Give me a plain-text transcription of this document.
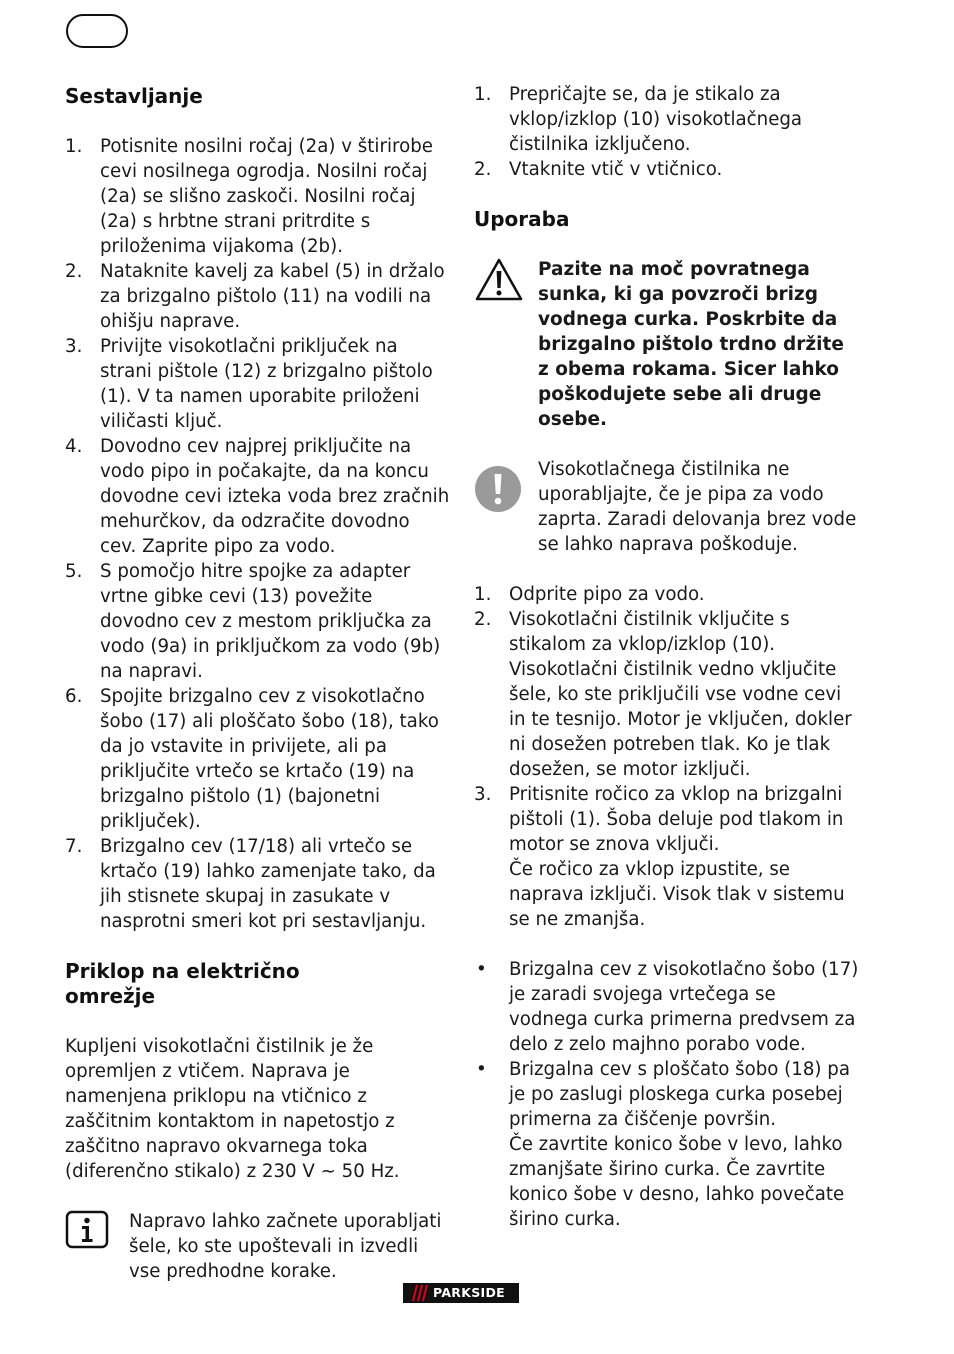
Sestavljanje
1. Potisnite nosilni ročaj (2a) v štirirobe cevi nosilnega ogrodja. Nosilni ročaj (2a) se slišno zaskoči. Nosilni ročaj (2a) s hrbtne strani pritrdite s priloženima vijakoma (2b).
2. Nataknite kavelj za kabel (5) in držalo za brizgalno pištolo (11) na vodili na ohišju naprave.
3. Privijte visokotlačni priključek na strani pištole (12) z brizgalno pištolo (1). V ta namen uporabite priloženi viličasti ključ.
4. Dovodno cev najprej priključite na vodo pipo in počakajte, da na koncu dovodne cevi izteka voda brez zračnih mehurčkov, da odzračite dovodno cev. Zaprite pipo za vodo.
5. S pomočjo hitre spojke za adapter vrtne gibke cevi (13) povežite dovodno cev z mestom priključka za vodo (9a) in priključkom za vodo (9b) na napravi.
6. Spojite brizgalno cev z visokotlačno šobo (17) ali ploščato šobo (18), tako da jo vstavite in privijete, ali pa priključite vrtečo se krtačo (19) na brizgalno pištolo (1) (bajonetni priključek).
7. Brizgalno cev (17/18) ali vrtečo se krtačo (19) lahko zamenjate tako, da jih stisnete skupaj in zasukate v nasprotni smeri kot pri sestavljanju.
Priklop na električno
omrežje

Kupljeni visokotlačni čistilnik je že opremljen z vtičem. Naprava je namenjena priklopu na vtičnico z zaščitnim kontaktom in napetostjo z zaščitno napravo okvarnega toka (diferenčno stikalo) z 230 V ~ 50 Hz.

Napravo lahko začnete uporabljati šele, ko ste upoštevali in izvedli vse predhodne korake.
1. Prepričajte se, da je stikalo za vklop/izklop (10) visokotlačnega čistilnika izključeno.
2. Vtaknite vtič v vtičnico.
Uporaba
Pazite na moč povratnega sunka, ki ga povzroči brizg vodnega curka. Poskrbite da brizgalno pištolo trdno držite z obema rokama. Sicer lahko poškodujete sebe ali druge osebe.
Visokotlačnega čistilnika ne uporabljajte, če je pipa za vodo zaprta. Zaradi delovanja brez vode se lahko naprava poškoduje.
1. Odprite pipo za vodo.
2. Visokotlačni čistilnik vključite s stikalom za vklop/izklop (10). Visokotlačni čistilnik vedno vključite šele, ko ste priključili vse vodne cevi in te tesnijo. Motor je vključen, dokler ni dosežen potreben tlak. Ko je tlak dosežen, se motor izključi.
3. Pritisnite ročico za vklop na brizgalni pištoli (1). Šoba deluje pod tlakom in motor se znova vključi.
Če ročico za vklop izpustite, se naprava izključi. Visok tlak v sistemu se ne zmanjša.
• Brizgalna cev z visokotlačno šobo (17) je zaradi svojega vrtečega se vodnega curka primerna predvsem za delo z zelo majhno porabo vode.
• Brizgalna cev s ploščato šobo (18) pa je po zaslugi ploskega curka posebej primerna za čiščenje površin.
Če zavrtite konico šobe v levo, lahko zmanjšate širino curka. Če zavrtite konico šobe v desno, lahko povečate širino curka.
PARKSIDE
